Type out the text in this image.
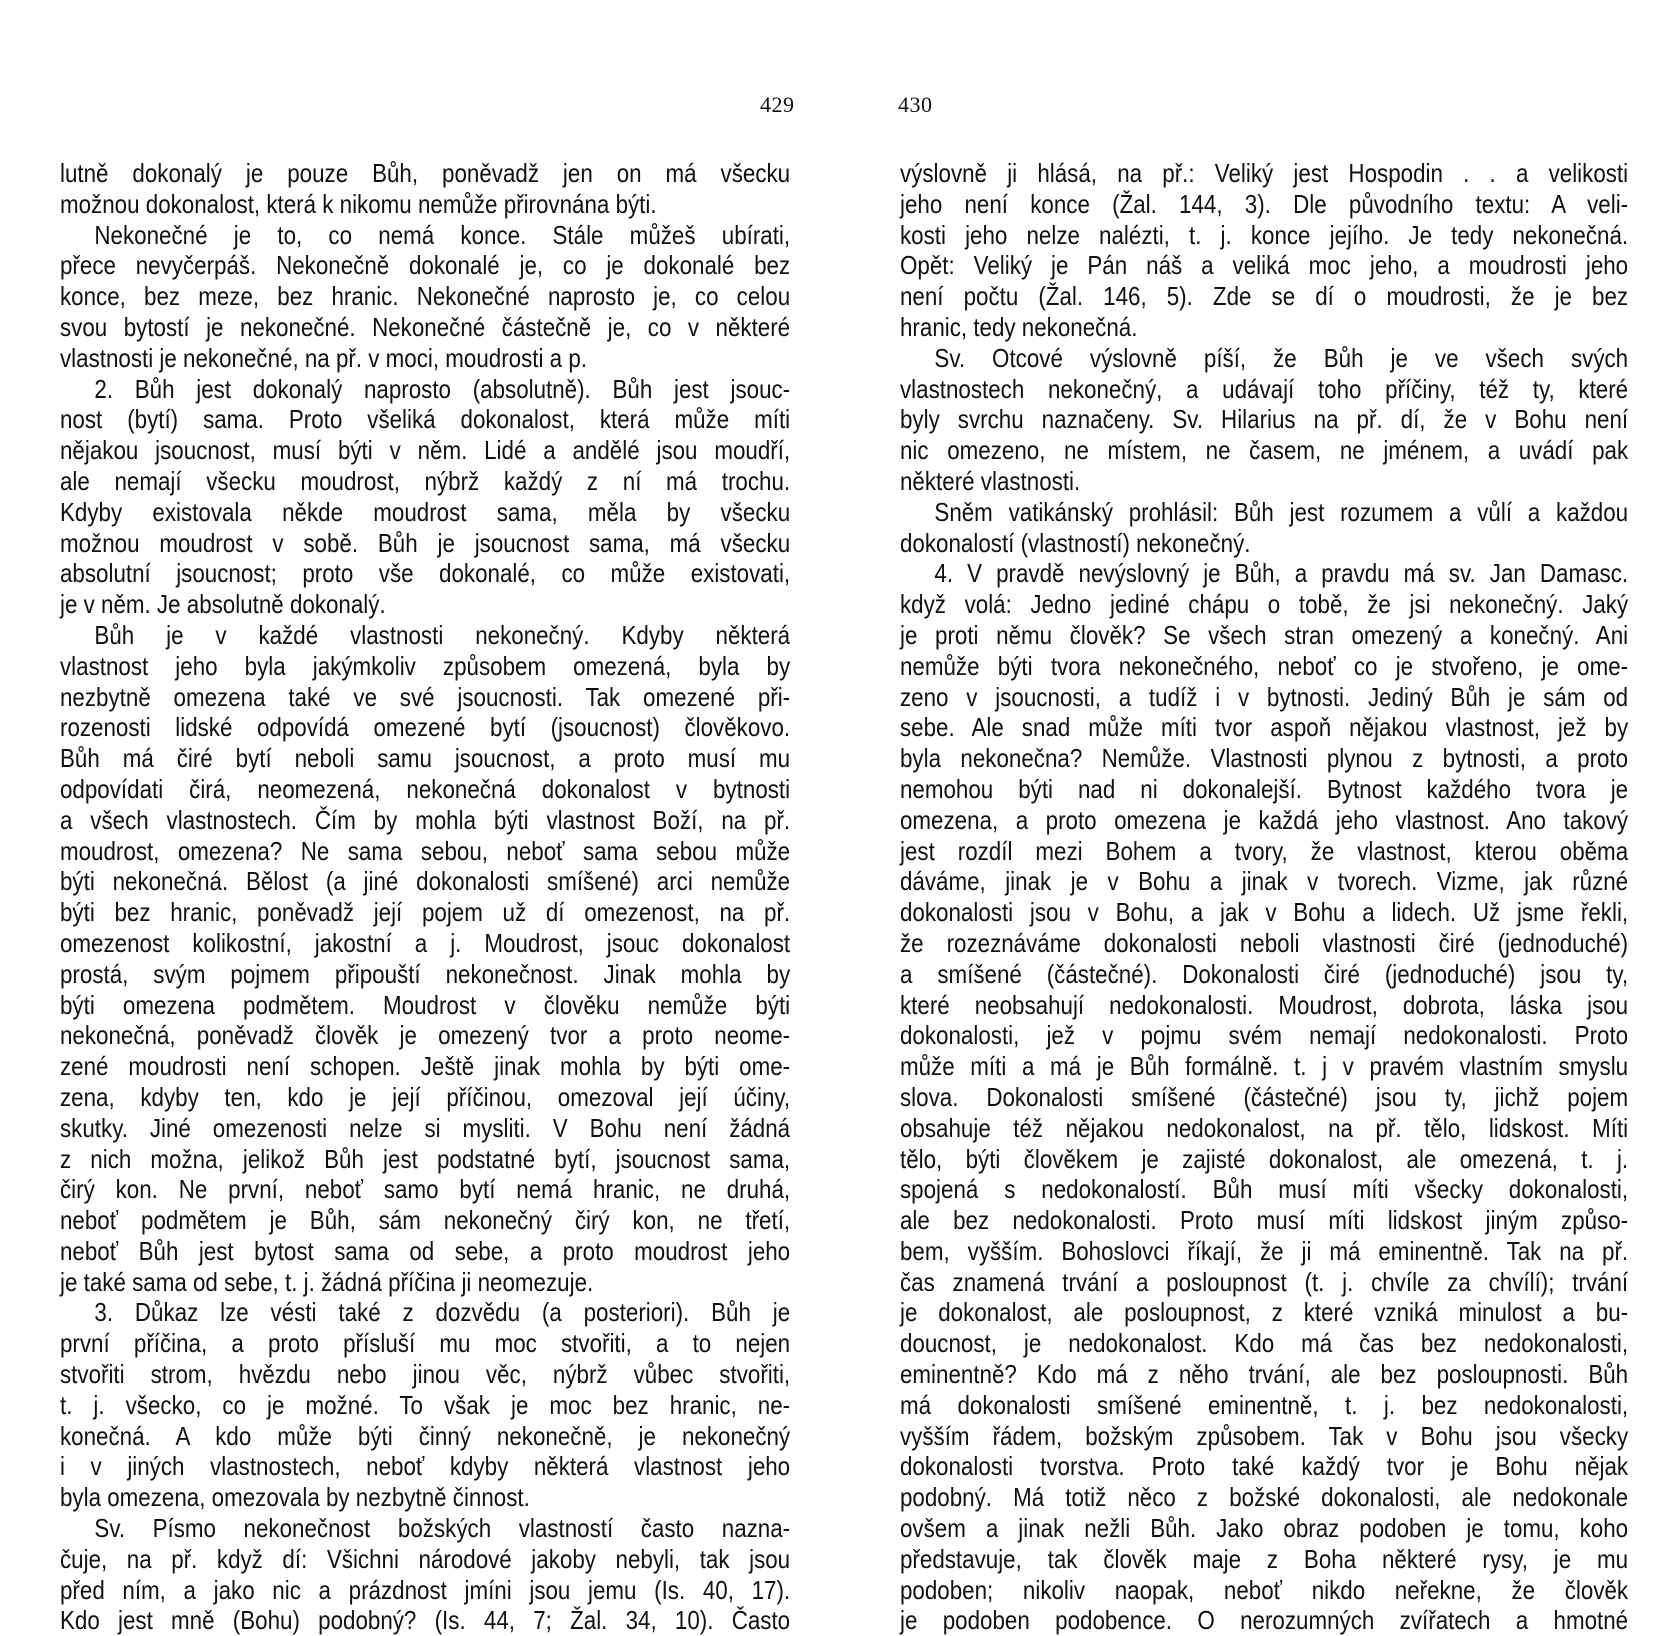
429	430
lutně dokonalý je pouze Bůh, poněvadž jen on má všecku
možnou dokonalost, která k nikomu nemůže přirovnána býti.
Nekonečné je to, co nemá konce. Stále můžeš ubírati,
přece nevyčerpáš. Nekonečně dokonalé je, co je dokonalé bez
konce, bez meze, bez hranic. Nekonečné naprosto je, co celou
svou bytostí je nekonečné. Nekonečné částečně je, co v některé
vlastnosti je nekonečné, na př. v moci, moudrosti a p.
2. Bůh jest dokonalý naprosto (absolutně). Bůh jest jsouc-
nost (bytí) sama. Proto všeliká dokonalost, která může míti
nějakou jsoucnost, musí býti v něm. Lidé a andělé jsou moudří,
ale nemají všecku moudrost, nýbrž každý z ní má trochu.
Kdyby existovala někde moudrost sama, měla by všecku
možnou moudrost v sobě. Bůh je jsoucnost sama, má všecku
absolutní jsoucnost; proto vše dokonalé, co může existovati,
je v něm. Je absolutně dokonalý.
Bůh je v každé vlastnosti nekonečný. Kdyby některá
vlastnost jeho byla jakýmkoliv způsobem omezená, byla by
nezbytně omezena také ve své jsoucnosti. Tak omezené při-
rozenosti lidské odpovídá omezené bytí (jsoucnost) člověkovo.
Bůh má čiré bytí neboli samu jsoucnost, a proto musí mu
odpovídati čirá, neomezená, nekonečná dokonalost v bytnosti
a všech vlastnostech. Čím by mohla býti vlastnost Boží, na př.
moudrost, omezena? Ne sama sebou, neboť sama sebou může
býti nekonečná. Bělost (a jiné dokonalosti smíšené) arci nemůže
býti bez hranic, poněvadž její pojem už dí omezenost, na př.
omezenost kolikostní, jakostní a j. Moudrost, jsouc dokonalost
prostá, svým pojmem připouští nekonečnost. Jinak mohla by
býti omezena podmětem. Moudrost v člověku nemůže býti
nekonečná, poněvadž člověk je omezený tvor a proto neome-
zené moudrosti není schopen. Ještě jinak mohla by býti ome-
zena, kdyby ten, kdo je její příčinou, omezoval její účiny,
skutky. Jiné omezenosti nelze si mysliti. V Bohu není žádná
z nich možna, jelikož Bůh jest podstatné bytí, jsoucnost sama,
čirý kon. Ne první, neboť samo bytí nemá hranic, ne druhá,
neboť podmětem je Bůh, sám nekonečný čirý kon, ne třetí,
neboť Bůh jest bytost sama od sebe, a proto moudrost jeho
je také sama od sebe, t. j. žádná příčina ji neomezuje.
3. Důkaz lze vésti také z dozvědu (a posteriori). Bůh je
první příčina, a proto přísluší mu moc stvořiti, a to nejen
stvořiti strom, hvězdu nebo jinou věc, nýbrž vůbec stvořiti,
t. j. všecko, co je možné. To však je moc bez hranic, ne-
konečná. A kdo může býti činný nekonečně, je nekonečný
i v jiných vlastnostech, neboť kdyby některá vlastnost jeho
byla omezena, omezovala by nezbytně činnost.
Sv. Písmo nekonečnost božských vlastností často nazna-
čuje, na př. když dí: Všichni národové jakoby nebyli, tak jsou
před ním, a jako nic a prázdnost jmíni jsou jemu (Is. 40, 17).
Kdo jest mně (Bohu) podobný? (Is. 44, 7; Žal. 34, 10). Často
výslovně ji hlásá, na př.: Veliký jest Hospodin . . a velikosti
jeho není konce (Žal. 144, 3). Dle původního textu: A veli-
kosti jeho nelze nalézti, t. j. konce jejího. Je tedy nekonečná.
Opět: Veliký je Pán náš a veliká moc jeho, a moudrosti jeho
není počtu (Žal. 146, 5). Zde se dí o moudrosti, že je bez
hranic, tedy nekonečná.
Sv. Otcové výslovně píší, že Bůh je ve všech svých
vlastnostech nekonečný, a udávají toho příčiny, též ty, které
byly svrchu naznačeny. Sv. Hilarius na př. dí, že v Bohu není
nic omezeno, ne místem, ne časem, ne jménem, a uvádí pak
některé vlastnosti.
Sněm vatikánský prohlásil: Bůh jest rozumem a vůlí a každou
dokonalostí (vlastností) nekonečný.
4. V pravdě nevýslovný je Bůh, a pravdu má sv. Jan Damasc.
když volá: Jedno jediné chápu o tobě, že jsi nekonečný. Jaký
je proti němu člověk? Se všech stran omezený a konečný. Ani
nemůže býti tvora nekonečného, neboť co je stvořeno, je ome-
zeno v jsoucnosti, a tudíž i v bytnosti. Jediný Bůh je sám od
sebe. Ale snad může míti tvor aspoň nějakou vlastnost, jež by
byla nekonečna? Nemůže. Vlastnosti plynou z bytnosti, a proto
nemohou býti nad ni dokonalejší. Bytnost každého tvora je
omezena, a proto omezena je každá jeho vlastnost. Ano takový
jest rozdíl mezi Bohem a tvory, že vlastnost, kterou oběma
dáváme, jinak je v Bohu a jinak v tvorech. Vizme, jak různé
dokonalosti jsou v Bohu, a jak v Bohu a lidech. Už jsme řekli,
že rozeznáváme dokonalosti neboli vlastnosti čiré (jednoduché)
a smíšené (částečné). Dokonalosti čiré (jednoduché) jsou ty,
které neobsahují nedokonalosti. Moudrost, dobrota, láska jsou
dokonalosti, jež v pojmu svém nemají nedokonalosti. Proto
může míti a má je Bůh formálně. t. j v pravém vlastním smyslu
slova. Dokonalosti smíšené (částečné) jsou ty, jichž pojem
obsahuje též nějakou nedokonalost, na př. tělo, lidskost. Míti
tělo, býti člověkem je zajisté dokonalost, ale omezená, t. j.
spojená s nedokonalostí. Bůh musí míti všecky dokonalosti,
ale bez nedokonalosti. Proto musí míti lidskost jiným způso-
bem, vyšším. Bohoslovci říkají, že ji má eminentně. Tak na př.
čas znamená trvání a posloupnost (t. j. chvíle za chvílí); trvání
je dokonalost, ale posloupnost, z které vzniká minulost a bu-
doucnost, je nedokonalost. Kdo má čas bez nedokonalosti,
eminentně? Kdo má z něho trvání, ale bez posloupnosti. Bůh
má dokonalosti smíšené eminentně, t. j. bez nedokonalosti,
vyšším řádem, božským způsobem. Tak v Bohu jsou všecky
dokonalosti tvorstva. Proto také každý tvor je Bohu nějak
podobný. Má totiž něco z božské dokonalosti, ale nedokonale
ovšem a jinak nežli Bůh. Jako obraz podoben je tomu, koho
představuje, tak člověk maje z Boha některé rysy, je mu
podoben; nikoliv naopak, neboť nikdo neřekne, že člověk
je podoben podobence. O nerozumných zvířatech a hmotné
